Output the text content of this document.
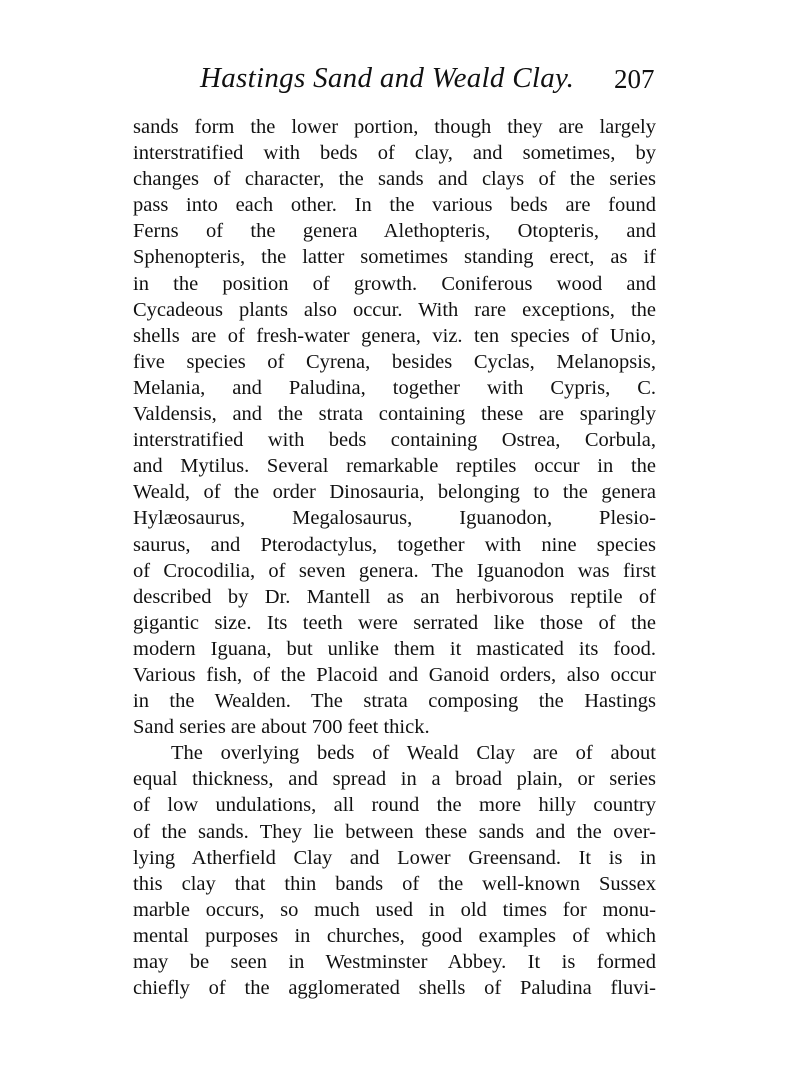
Hastings Sand and Weald Clay. 207
sands form the lower portion, though they are largely
interstratified with beds of clay, and sometimes, by
changes of character, the sands and clays of the series
pass into each other. In the various beds are found
Ferns of the genera Alethopteris, Otopteris, and
Sphenopteris, the latter sometimes standing erect, as if
in the position of growth. Coniferous wood and
Cycadeous plants also occur. With rare exceptions, the
shells are of fresh-water genera, viz. ten species of Unio,
five species of Cyrena, besides Cyclas, Melanopsis,
Melania, and Paludina, together with Cypris, C.
Valdensis, and the strata containing these are sparingly
interstratified with beds containing Ostrea, Corbula,
and Mytilus. Several remarkable reptiles occur in the
Weald, of the order Dinosauria, belonging to the genera
Hylæosaurus, Megalosaurus, Iguanodon, Plesio-
saurus, and Pterodactylus, together with nine species
of Crocodilia, of seven genera. The Iguanodon was first
described by Dr. Mantell as an herbivorous reptile of
gigantic size. Its teeth were serrated like those of the
modern Iguana, but unlike them it masticated its food.
Various fish, of the Placoid and Ganoid orders, also occur
in the Wealden. The strata composing the Hastings
Sand series are about 700 feet thick.
The overlying beds of Weald Clay are of about
equal thickness, and spread in a broad plain, or series
of low undulations, all round the more hilly country
of the sands. They lie between these sands and the over-
lying Atherfield Clay and Lower Greensand. It is in
this clay that thin bands of the well-known Sussex
marble occurs, so much used in old times for monu-
mental purposes in churches, good examples of which
may be seen in Westminster Abbey. It is formed
chiefly of the agglomerated shells of Paludina fluvi-
